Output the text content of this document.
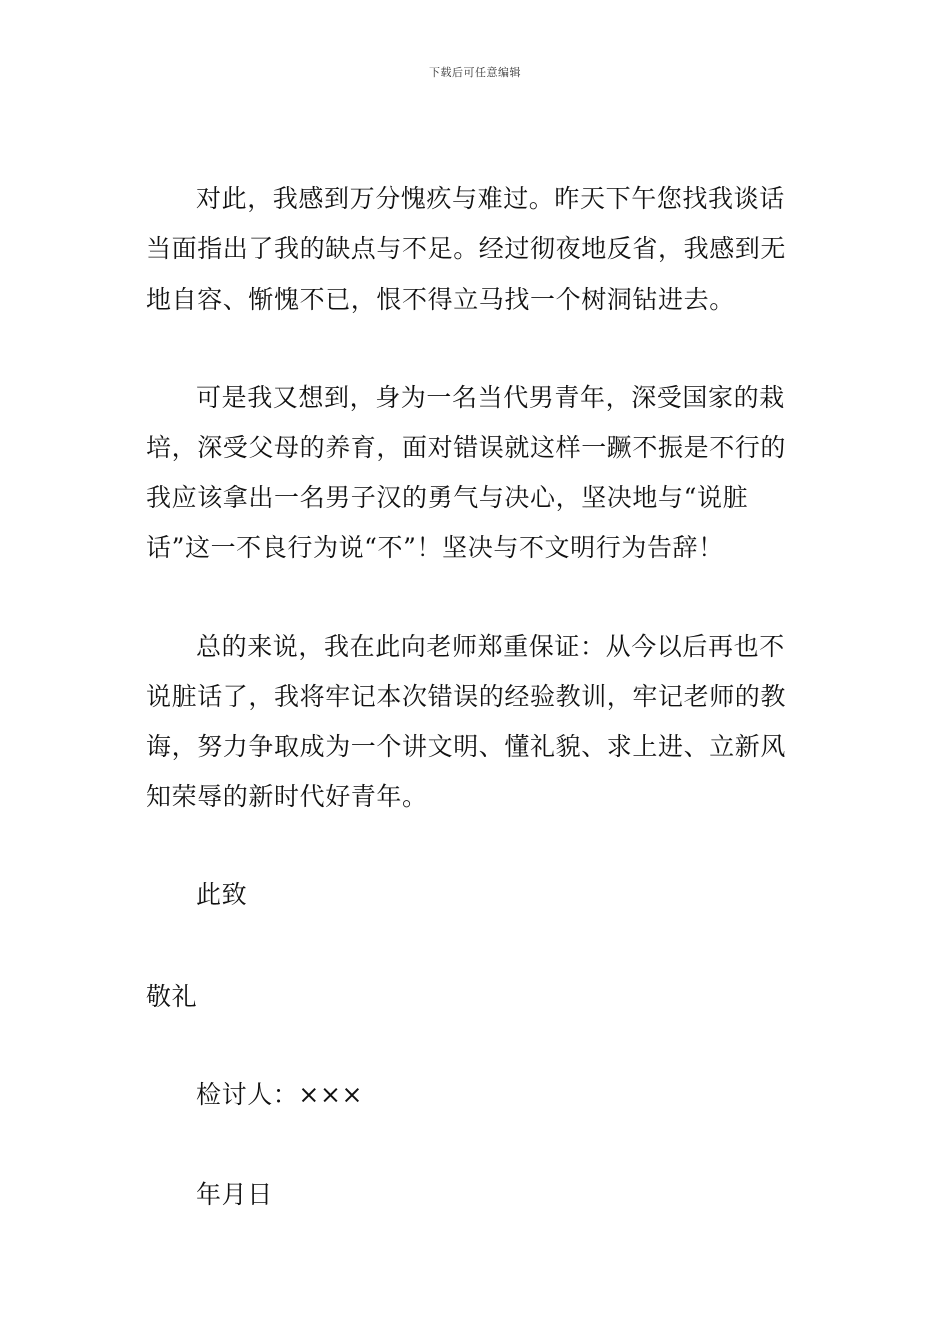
下载后可任意编辑
对此，我感到万分愧疚与难过。昨天下午您找我谈话
当面指出了我的缺点与不足。经过彻夜地反省，我感到无
地自容、惭愧不已，恨不得立马找一个树洞钻进去。
可是我又想到，身为一名当代男青年，深受国家的栽
培，深受父母的养育，面对错误就这样一蹶不振是不行的
我应该拿出一名男子汉的勇气与决心，坚决地与“说脏
话”这一不良行为说“不”！坚决与不文明行为告辞！
总的来说，我在此向老师郑重保证：从今以后再也不
说脏话了，我将牢记本次错误的经验教训，牢记老师的教
诲，努力争取成为一个讲文明、懂礼貌、求上进、立新风
知荣辱的新时代好青年。
此致
敬礼
检讨人：×××
年月日
